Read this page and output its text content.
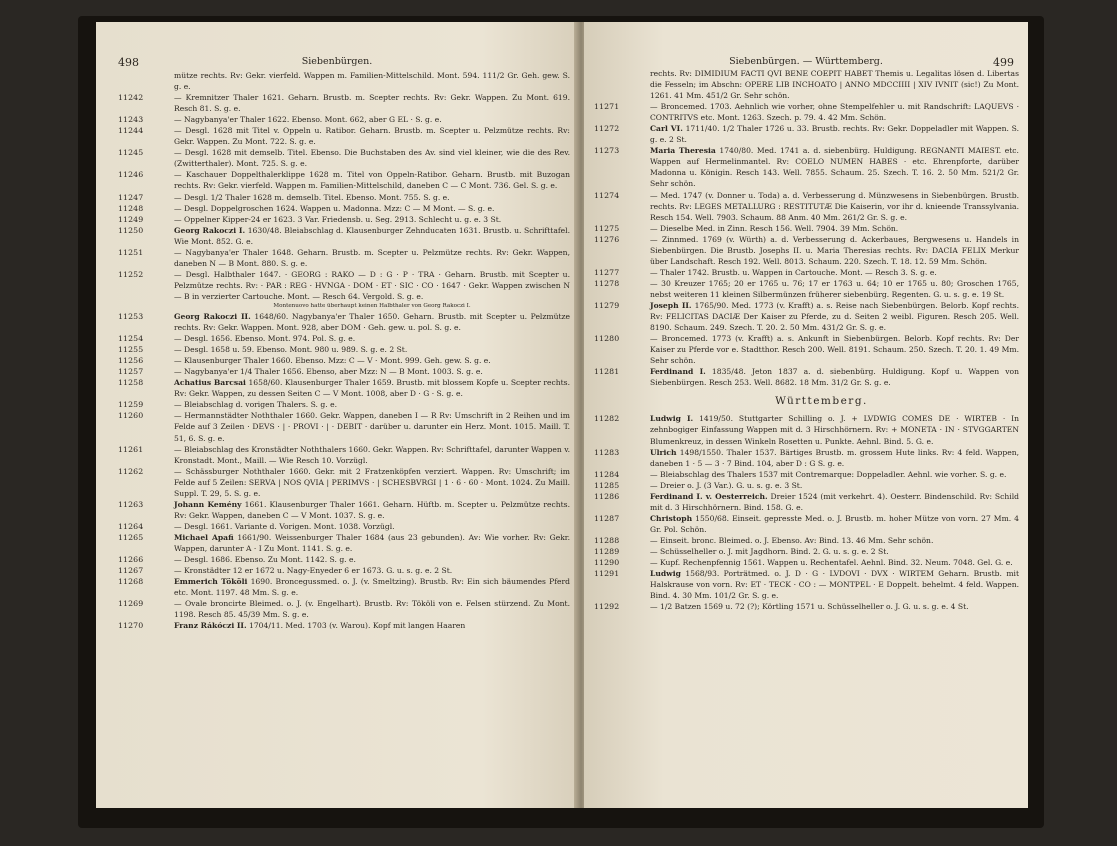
498	Siebenbürgen.
mütze rechts. Rv: Gekr. vierfeld. Wappen m. Familien-Mittelschild. Mont. 594. 111/2 Gr. Geh. gew. S. g. e.
11242	— Kremnitzer Thaler 1621. Geharn. Brustb. m. Scepter rechts. Rv: Gekr. Wappen. Zu Mont. 619. Resch 81. S. g. e.
11243	— Nagybanya'er Thaler 1622. Ebenso. Mont. 662, aber G EL · S. g. e.
11244	— Desgl. 1628 mit Titel v. Oppeln u. Ratibor. Geharn. Brustb. m. Scepter u. Pelzmütze rechts. Rv: Gekr. Wappen. Zu Mont. 722. S. g. e.
11245	— Desgl. 1628 mit demselb. Titel. Ebenso. Die Buchstaben des Av. sind viel kleiner, wie die des Rev. (Zwitterthaler). Mont. 725. S. g. e.
11246	— Kaschauer Doppelthalerklippe 1628 m. Titel von Oppeln-Ratibor. Geharn. Brustb. mit Buzogan rechts. Rv: Gekr. vierfeld. Wappen m. Familien-Mittelschild, daneben C — C Mont. 736. Gel. S. g. e.
11247	— Desgl. 1/2 Thaler 1628 m. demselb. Titel. Ebenso. Mont. 755. S. g. e.
11248	— Desgl. Doppelgroschen 1624. Wappen u. Madonna. Mzz: C — M Mont. — S. g. e.
11249	— Oppelner Kipper-24 er 1623. 3 Var. Friedensb. u. Seg. 2913. Schlecht u. g. e. 3 St.
11250	Georg Rakoczi I. 1630/48. Bleiabschlag d. Klausenburger Zehnducaten 1631. Brustb. u. Schrifttafel. Wie Mont. 852. G. e.
11251	— Nagybanya'er Thaler 1648. Geharn. Brustb. m. Scepter u. Pelzmütze rechts. Rv: Gekr. Wappen, daneben N — B Mont. 880. S. g. e.
11252	— Desgl. Halbthaler 1647. · GEORG : RAKO — D : G · P · TRA · Geharn. Brustb. mit Scepter u. Pelzmütze rechts. Rv: · PAR : REG · HVNGA · DOM · ET · SIC · CO · 1647 · Gekr. Wappen zwischen N — B in verzierter Cartouche. Mont. — Resch 64. Vergold. S. g. e.
Montenuovo hatte überhaupt keinen Halbthaler von Georg Rakoczi I.
11253	Georg Rakoczi II. 1648/60. Nagybanya'er Thaler 1650. Geharn. Brustb. mit Scepter u. Pelzmütze rechts. Rv: Gekr. Wappen. Mont. 928, aber DOM · Geh. gew. u. pol. S. g. e.
11254	— Desgl. 1656. Ebenso. Mont. 974. Pol. S. g. e.
11255	— Desgl. 1658 u. 59. Ebenso. Mont. 980 u. 989. S. g. e. 2 St.
11256	— Klausenburger Thaler 1660. Ebenso. Mzz: C — V · Mont. 999. Geh. gew. S. g. e.
11257	— Nagybanya'er 1/4 Thaler 1656. Ebenso, aber Mzz: N — B Mont. 1003. S. g. e.
11258	Achatius Barcsai 1658/60. Klausenburger Thaler 1659. Brustb. mit blossem Kopfe u. Scepter rechts. Rv: Gekr. Wappen, zu dessen Seiten C — V Mont. 1008, aber D · G · S. g. e.
11259	— Bleiabschlag d. vorigen Thalers. S. g. e.
11260	— Hermannstädter Noththaler 1660. Gekr. Wappen, daneben I — R Rv: Umschrift in 2 Reihen und im Felde auf 3 Zeilen · DEVS · | · PROVI · | · DEBIT · darüber u. darunter ein Herz. Mont. 1015. Maill. T. 51, 6. S. g. e.
11261	— Bleiabschlag des Kronstädter Noththalers 1660. Gekr. Wappen. Rv: Schrifttafel, darunter Wappen v. Kronstadt. Mont., Maill. — Wie Resch 10. Vorzügl.
11262	— Schässburger Noththaler 1660. Gekr. mit 2 Fratzenköpfen verziert. Wappen. Rv: Umschrift; im Felde auf 5 Zeilen: SERVA | NOS QVIA | PERIMVS · | SCHESBVRGI | 1 · 6 · 60 · Mont. 1024. Zu Maill. Suppl. T. 29, 5. S. g. e.
11263	Johann Kemény 1661. Klausenburger Thaler 1661. Geharn. Hüftb. m. Scepter u. Pelzmütze rechts. Rv: Gekr. Wappen, daneben C — V Mont. 1037. S. g. e.
11264	— Desgl. 1661. Variante d. Vorigen. Mont. 1038. Vorzügl.
11265	Michael Apafi 1661/90. Weissenburger Thaler 1684 (aus 23 gebunden). Av: Wie vorher. Rv: Gekr. Wappen, darunter A · I Zu Mont. 1141. S. g. e.
11266	— Desgl. 1686. Ebenso. Zu Mont. 1142. S. g. e.
11267	— Kronstädter 12 er 1672 u. Nagy-Enyeder 6 er 1673. G. u. s. g. e. 2 St.
11268	Emmerich Tököli 1690. Broncegussmed. o. J. (v. Smeltzing). Brustb. Rv: Ein sich bäumendes Pferd etc. Mont. 1197. 48 Mm. S. g. e.
11269	— Ovale broncirte Bleimed. o. J. (v. Engelhart). Brustb. Rv: Tököli von e. Felsen stürzend. Zu Mont. 1198. Resch 85. 45/39 Mm. S. g. e.
11270	Franz Rákóczi II. 1704/11. Med. 1703 (v. Warou). Kopf mit langen Haaren
Siebenbürgen. — Württemberg.	499
rechts. Rv: DIMIDIUM FACTI QVI BENE COEPIT HABET Themis u. Legalitas lösen d. Libertas die Fesseln; im Abschn: OPERE LIB INCHOATO | ANNO MDCCIIII | XIV IVNIT (sic!) Zu Mont. 1261. 41 Mm. 451/2 Gr. Sehr schön.
11271	— Broncemed. 1703. Aehnlich wie vorher, ohne Stempelfehler u. mit Randschrift: LAQUEVS · CONTRITVS etc. Mont. 1263. Szech. p. 79. 4. 42 Mm. Schön.
11272	Carl VI. 1711/40. 1/2 Thaler 1726 u. 33. Brustb. rechts. Rv: Gekr. Doppeladler mit Wappen. S. g. e. 2 St.
11273	Maria Theresia 1740/80. Med. 1741 a. d. siebenbürg. Huldigung. REGNANTI MAIEST. etc. Wappen auf Hermelinmantel. Rv: COELO NUMEN HABES · etc. Ehrenpforte, darüber Madonna u. Königin. Resch 143. Well. 7855. Schaum. 25. Szech. T. 16. 2. 50 Mm. 521/2 Gr. Sehr schön.
11274	— Med. 1747 (v. Donner u. Toda) a. d. Verbesserung d. Münzwesens in Siebenbürgen. Brustb. rechts. Rv: LEGES METALLURG : RESTITUTÆ Die Kaiserin, vor ihr d. knieende Transsylvania. Resch 154. Well. 7903. Schaum. 88 Anm. 40 Mm. 261/2 Gr. S. g. e.
11275	— Dieselbe Med. in Zinn. Resch 156. Well. 7904. 39 Mm. Schön.
11276	— Zinnmed. 1769 (v. Würth) a. d. Verbesserung d. Ackerbaues, Bergwesens u. Handels in Siebenbürgen. Die Brustb. Josephs II. u. Maria Theresias rechts. Rv: DACIA FELIX Merkur über Landschaft. Resch 192. Well. 8013. Schaum. 220. Szech. T. 18. 12. 59 Mm. Schön.
11277	— Thaler 1742. Brustb. u. Wappen in Cartouche. Mont. — Resch 3. S. g. e.
11278	— 30 Kreuzer 1765; 20 er 1765 u. 76; 17 er 1763 u. 64; 10 er 1765 u. 80; Groschen 1765, nebst weiteren 11 kleinen Silbermünzen früherer siebenbürg. Regenten. G. u. s. g. e. 19 St.
11279	Joseph II. 1765/90. Med. 1773 (v. Krafft) a. s. Reise nach Siebenbürgen. Belorb. Kopf rechts. Rv: FELICITAS DACIÆ Der Kaiser zu Pferde, zu d. Seiten 2 weibl. Figuren. Resch 205. Well. 8190. Schaum. 249. Szech. T. 20. 2. 50 Mm. 431/2 Gr. S. g. e.
11280	— Broncemed. 1773 (v. Krafft) a. s. Ankunft in Siebenbürgen. Belorb. Kopf rechts. Rv: Der Kaiser zu Pferde vor e. Stadtthor. Resch 200. Well. 8191. Schaum. 250. Szech. T. 20. 1. 49 Mm. Sehr schön.
11281	Ferdinand I. 1835/48. Jeton 1837 a. d. siebenbürg. Huldigung. Kopf u. Wappen von Siebenbürgen. Resch 253. Well. 8682. 18 Mm. 31/2 Gr. S. g. e.
Württemberg.
11282	Ludwig I. 1419/50. Stuttgarter Schilling o. J. + LVDWIG COMES DE · WIRTEB · In zehnbogiger Einfassung Wappen mit d. 3 Hirschhörnern. Rv: + MONETA · IN · STVGGARTEN Blumenkreuz, in dessen Winkeln Rosetten u. Punkte. Aehnl. Bind. 5. G. e.
11283	Ulrich 1498/1550. Thaler 1537. Bärtiges Brustb. m. grossem Hute links. Rv: 4 feld. Wappen, daneben 1 · 5 — 3 · 7 Bind. 104, aber D : G S. g. e.
11284	— Bleiabschlag des Thalers 1537 mit Contremarque: Doppeladler. Aehnl. wie vorher. S. g. e.
11285	— Dreier o. J. (3 Var.). G. u. s. g. e. 3 St.
11286	Ferdinand I. v. Oesterreich. Dreier 1524 (mit verkehrt. 4). Oesterr. Bindenschild. Rv: Schild mit d. 3 Hirschhörnern. Bind. 158. G. e.
11287	Christoph 1550/68. Einseit. gepresste Med. o. J. Brustb. m. hoher Mütze von vorn. 27 Mm. 4 Gr. Pol. Schön.
11288	— Einseit. bronc. Bleimed. o. J. Ebenso. Av: Bind. 13. 46 Mm. Sehr schön.
11289	— Schüsselheller o. J. mit Jagdhorn. Bind. 2. G. u. s. g. e. 2 St.
11290	— Kupf. Rechenpfennig 1561. Wappen u. Rechentafel. Aehnl. Bind. 32. Neum. 7048. Gel. G. e.
11291	Ludwig 1568/93. Porträtmed. o. J. D · G · LVDOVI · DVX · WIRTEM Geharn. Brustb. mit Halskrause von vorn. Rv: ET · TECK · CO : — MONTPEL · E Doppelt. behelmt. 4 feld. Wappen. Bind. 4. 30 Mm. 101/2 Gr. S. g. e.
11292	— 1/2 Batzen 1569 u. 72 (?); Körtling 1571 u. Schüsselheller o. J. G. u. s. g. e. 4 St.
